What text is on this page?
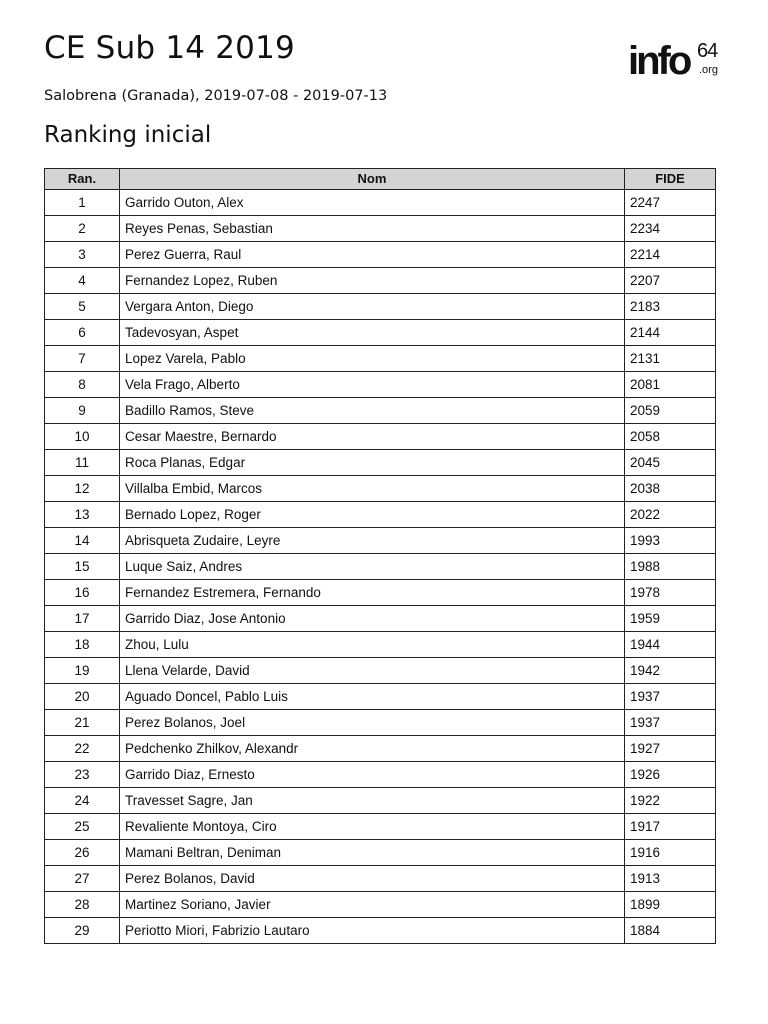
CE Sub 14 2019

Salobrena (Granada), 2019-07-08 - 2019-07-13

Ranking inicial
info 64
.org
Ran.	Nom	FIDE
1	Garrido Outon, Alex	2247
2	Reyes Penas, Sebastian	2234
3	Perez Guerra, Raul	2214
4	Fernandez Lopez, Ruben	2207
5	Vergara Anton, Diego	2183
6	Tadevosyan, Aspet	2144
7	Lopez Varela, Pablo	2131
8	Vela Frago, Alberto	2081
9	Badillo Ramos, Steve	2059
10	Cesar Maestre, Bernardo	2058
11	Roca Planas, Edgar	2045
12	Villalba Embid, Marcos	2038
13	Bernado Lopez, Roger	2022
14	Abrisqueta Zudaire, Leyre	1993
15	Luque Saiz, Andres	1988
16	Fernandez Estremera, Fernando	1978
17	Garrido Diaz, Jose Antonio	1959
18	Zhou, Lulu	1944
19	Llena Velarde, David	1942
20	Aguado Doncel, Pablo Luis	1937
21	Perez Bolanos, Joel	1937
22	Pedchenko Zhilkov, Alexandr	1927
23	Garrido Diaz, Ernesto	1926
24	Travesset Sagre, Jan	1922
25	Revaliente Montoya, Ciro	1917
26	Mamani Beltran, Deniman	1916
27	Perez Bolanos, David	1913
28	Martinez Soriano, Javier	1899
29	Periotto Miori, Fabrizio Lautaro	1884
